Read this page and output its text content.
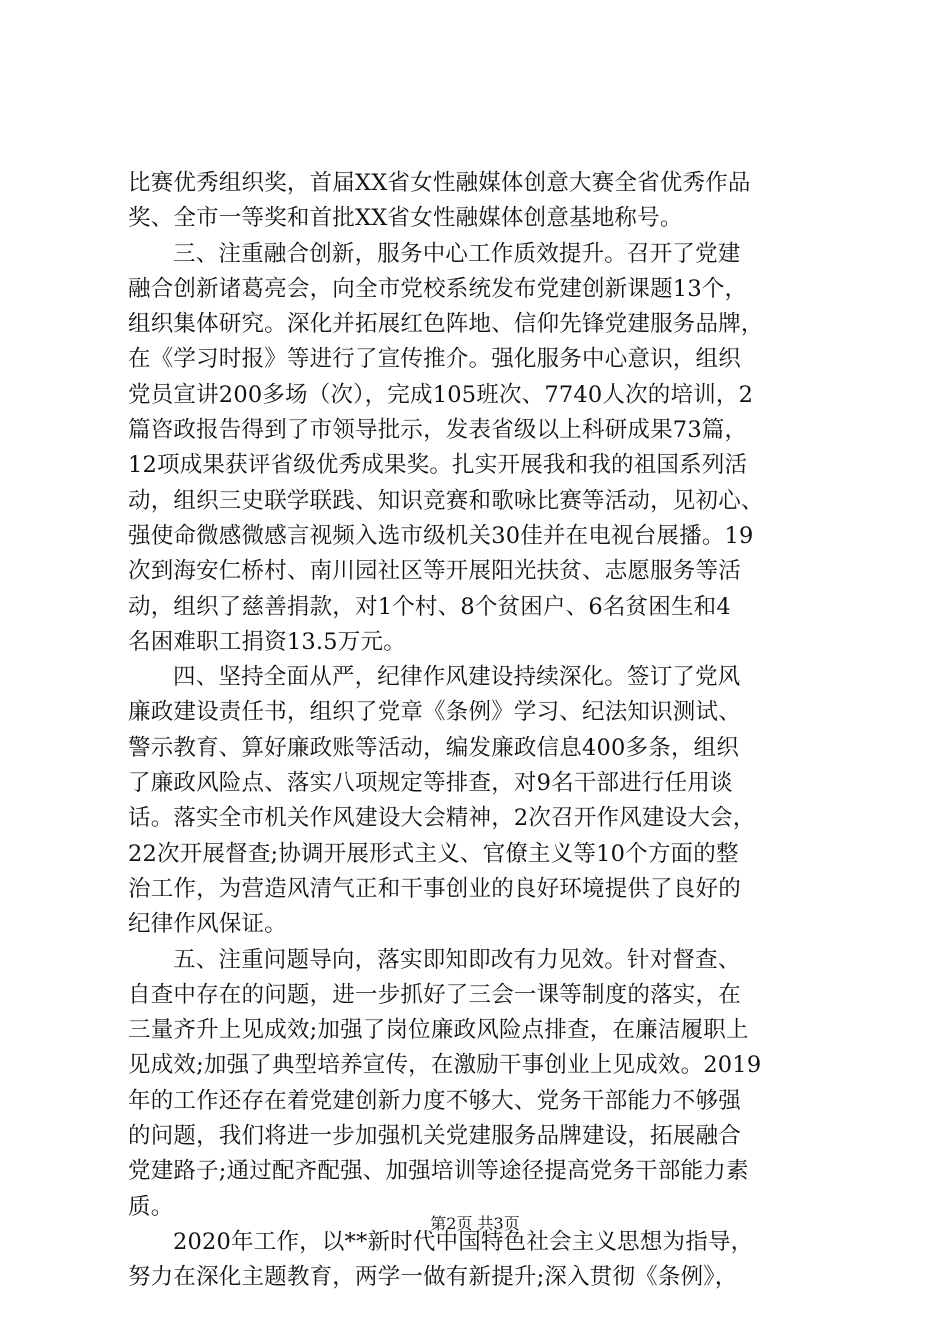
比赛优秀组织奖，首届XX省女性融媒体创意大赛全省优秀作品
奖、全市一等奖和首批XX省女性融媒体创意基地称号。
三、注重融合创新，服务中心工作质效提升。召开了党建
融合创新诸葛亮会，向全市党校系统发布党建创新课题13个，
组织集体研究。深化并拓展红色阵地、信仰先锋党建服务品牌，
在《学习时报》等进行了宣传推介。强化服务中心意识，组织
党员宣讲200多场（次），完成105班次、7740人次的培训，2
篇咨政报告得到了市领导批示，发表省级以上科研成果73篇，
12项成果获评省级优秀成果奖。扎实开展我和我的祖国系列活
动，组织三史联学联践、知识竞赛和歌咏比赛等活动，见初心、
强使命微感微感言视频入选市级机关30佳并在电视台展播。19
次到海安仁桥村、南川园社区等开展阳光扶贫、志愿服务等活
动，组织了慈善捐款，对1个村、8个贫困户、6名贫困生和4
名困难职工捐资13.5万元。
四、坚持全面从严，纪律作风建设持续深化。签订了党风
廉政建设责任书，组织了党章《条例》学习、纪法知识测试、
警示教育、算好廉政账等活动，编发廉政信息400多条，组织
了廉政风险点、落实八项规定等排查，对9名干部进行任用谈
话。落实全市机关作风建设大会精神，2次召开作风建设大会，
22次开展督查;协调开展形式主义、官僚主义等10个方面的整
治工作，为营造风清气正和干事创业的良好环境提供了良好的
纪律作风保证。
五、注重问题导向，落实即知即改有力见效。针对督查、
自查中存在的问题，进一步抓好了三会一课等制度的落实，在
三量齐升上见成效;加强了岗位廉政风险点排查，在廉洁履职上
见成效;加强了典型培养宣传，在激励干事创业上见成效。2019
年的工作还存在着党建创新力度不够大、党务干部能力不够强
的问题，我们将进一步加强机关党建服务品牌建设，拓展融合
党建路子;通过配齐配强、加强培训等途径提高党务干部能力素
质。
2020年工作，以**新时代中国特色社会主义思想为指导，
努力在深化主题教育，两学一做有新提升;深入贯彻《条例》，
第2页 共3页
